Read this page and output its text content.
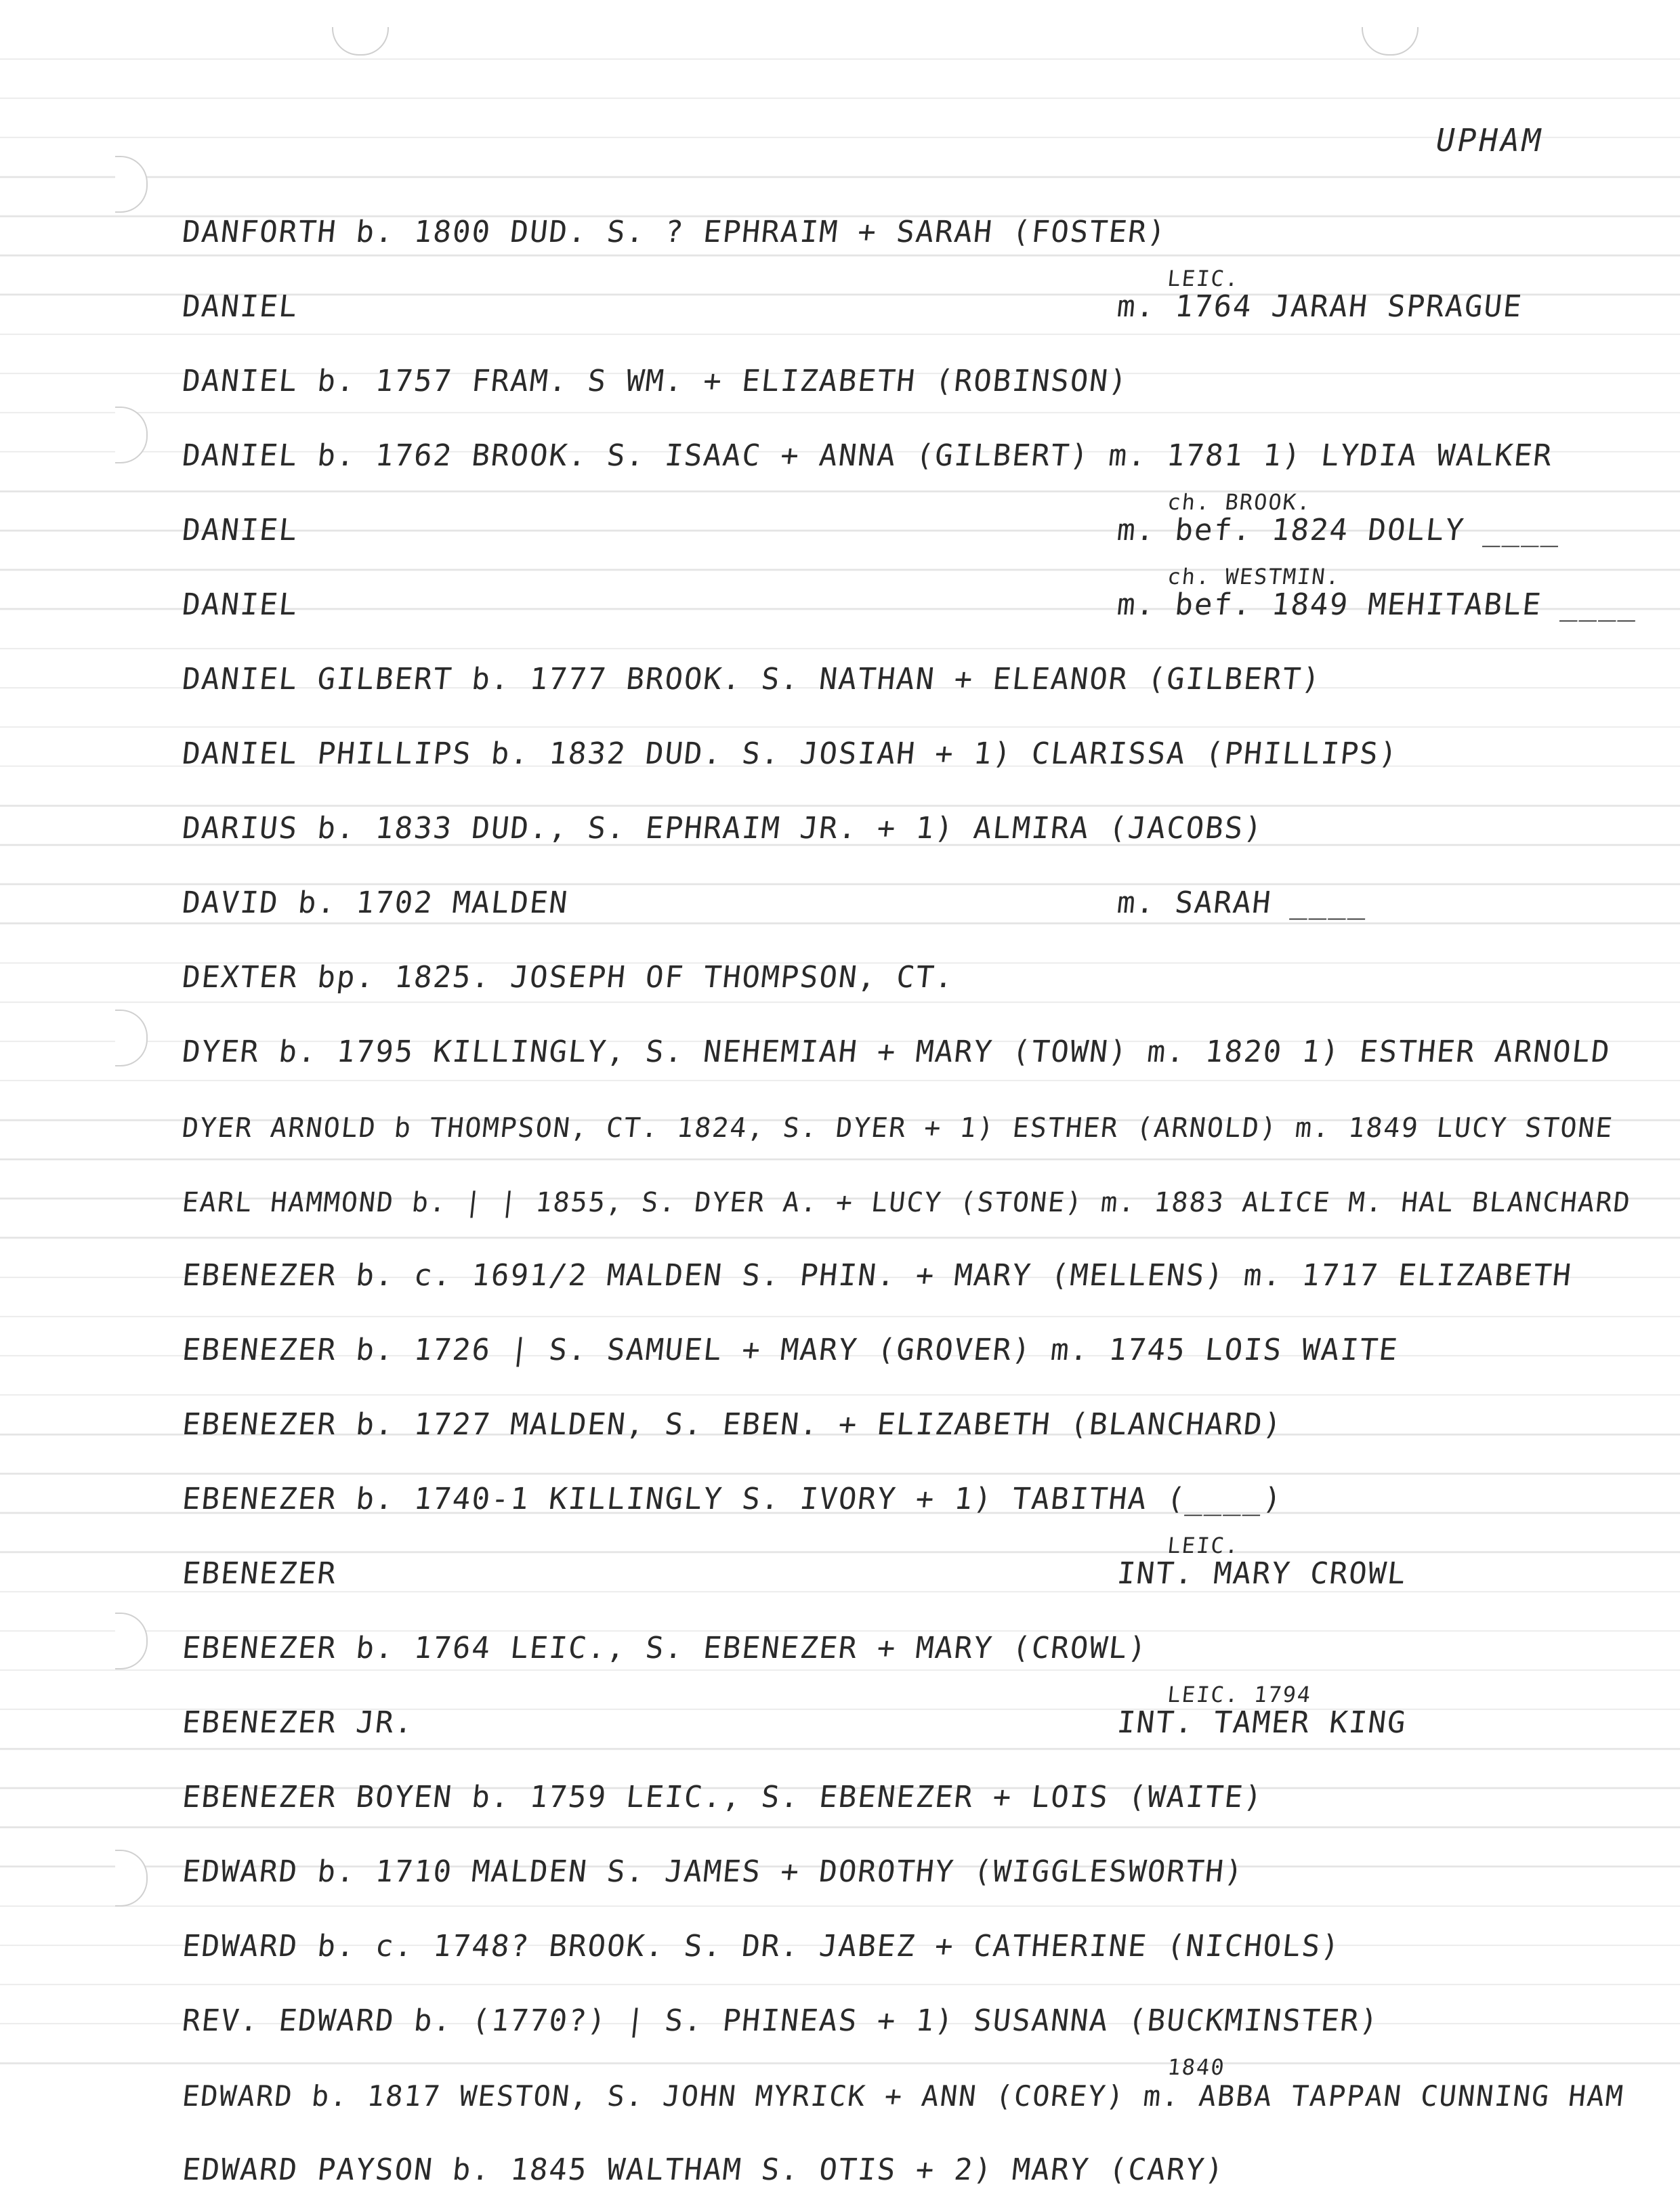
UPHAM
DANFORTH b. 1800 DUD. S. ? EPHRAIM + SARAH (FOSTER)
DANIEL
LEIC.
m. 1764 JARAH SPRAGUE
DANIEL b. 1757 FRAM. S WM. + ELIZABETH (ROBINSON)
DANIEL b. 1762 BROOK. S. ISAAC + ANNA (GILBERT) m. 1781 1) LYDIA WALKER
DANIEL
ch. BROOK.
m. bef. 1824 DOLLY ____
DANIEL
ch. WESTMIN.
m. bef. 1849 MEHITABLE ____
DANIEL GILBERT b. 1777 BROOK. S. NATHAN + ELEANOR (GILBERT)
DANIEL PHILLIPS b. 1832 DUD. S. JOSIAH + 1) CLARISSA (PHILLIPS)
DARIUS b. 1833 DUD., S. EPHRAIM JR. + 1) ALMIRA (JACOBS)
DAVID b. 1702 MALDEN	m. SARAH ____
DEXTER bp. 1825. JOSEPH OF THOMPSON, CT.
DYER b. 1795 KILLINGLY, S. NEHEMIAH + MARY (TOWN) m. 1820 1) ESTHER ARNOLD
DYER ARNOLD b THOMPSON, CT. 1824, S. DYER + 1) ESTHER (ARNOLD) m. 1849 LUCY STONE
EARL HAMMOND b. | | 1855, S. DYER A. + LUCY (STONE) m. 1883 ALICE M. HAL BLANCHARD
EBENEZER b. c. 1691/2 MALDEN S. PHIN. + MARY (MELLENS) m. 1717 ELIZABETH
EBENEZER b. 1726 | S. SAMUEL + MARY (GROVER) m. 1745 LOIS WAITE
EBENEZER b. 1727 MALDEN, S. EBEN. + ELIZABETH (BLANCHARD)
EBENEZER b. 1740-1 KILLINGLY S. IVORY + 1) TABITHA (____)
EBENEZER
LEIC.
INT. MARY CROWL
EBENEZER b. 1764 LEIC., S. EBENEZER + MARY (CROWL)
EBENEZER JR.
LEIC. 1794
INT. TAMER KING
EBENEZER BOYEN b. 1759 LEIC., S. EBENEZER + LOIS (WAITE)
EDWARD b. 1710 MALDEN S. JAMES + DOROTHY (WIGGLESWORTH)
EDWARD b. c. 1748? BROOK. S. DR. JABEZ + CATHERINE (NICHOLS)
REV. EDWARD b. (1770?) | S. PHINEAS + 1) SUSANNA (BUCKMINSTER)
EDWARD b. 1817 WESTON, S. JOHN MYRICK + ANN (COREY) m. ABBA TAPPAN CUNNING HAM
1840
EDWARD PAYSON b. 1845 WALTHAM S. OTIS + 2) MARY (CARY)
